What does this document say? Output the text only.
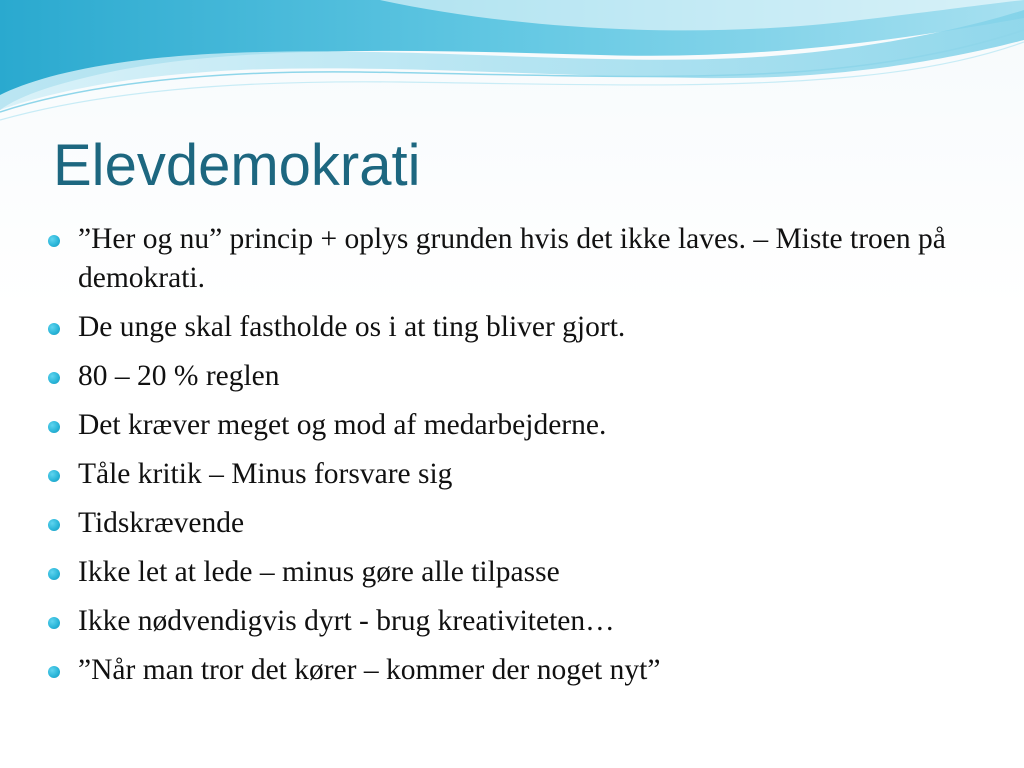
Elevdemokrati
”Her og nu” princip + oplys grunden hvis det ikke laves. – Miste troen på demokrati.
De unge skal fastholde os i at ting bliver gjort.
80 – 20 % reglen
Det kræver meget og mod af medarbejderne.
Tåle kritik – Minus forsvare sig
Tidskrævende
Ikke let at lede – minus gøre alle tilpasse
Ikke nødvendigvis dyrt - brug kreativiteten…
”Når man tror det kører – kommer der noget nyt”
